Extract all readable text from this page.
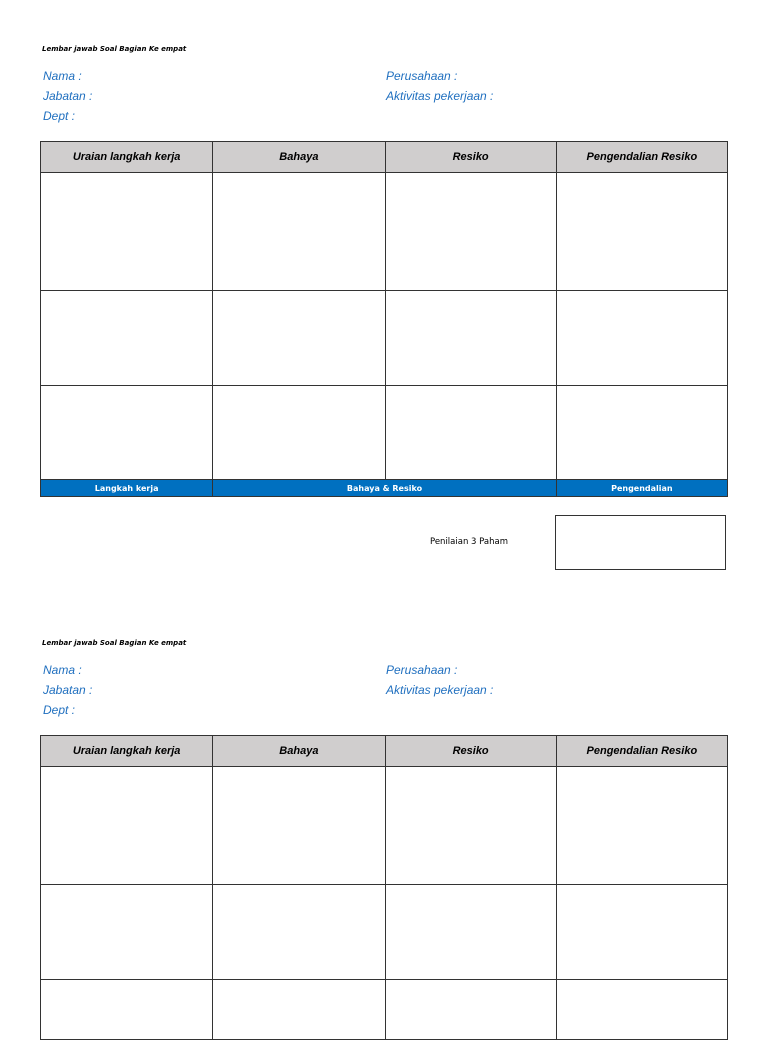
Lembar jawab Soal Bagian Ke empat
Nama :
Jabatan :
Dept :
Perusahaan :
Aktivitas pekerjaan :
Uraian langkah kerja	Bahaya	Resiko	Pengendalian Resiko

Langkah kerja	Bahaya & Resiko		Pengendalian
Penilaian 3 Paham
Lembar jawab Soal Bagian Ke empat
Nama :
Jabatan :
Dept :
Perusahaan :
Aktivitas pekerjaan :
Uraian langkah kerja	Bahaya	Resiko	Pengendalian Resiko
